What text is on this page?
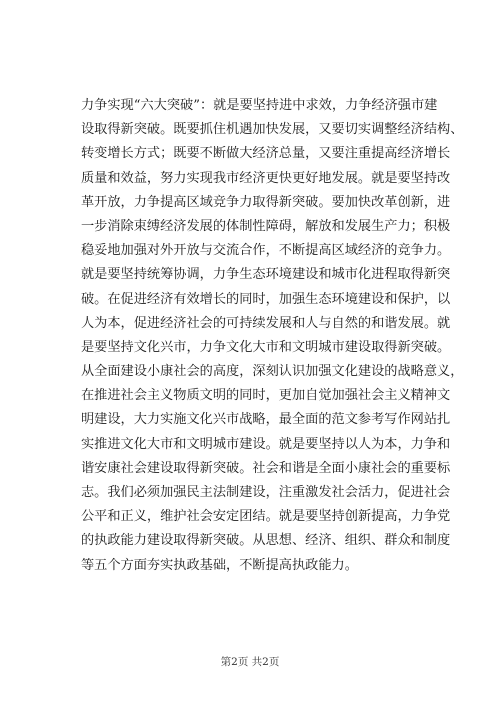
力争实现“六大突破”：就是要坚持进中求效，力争经济强市建
设取得新突破。既要抓住机遇加快发展，又要切实调整经济结构、
转变增长方式；既要不断做大经济总量，又要注重提高经济增长
质量和效益，努力实现我市经济更快更好地发展。就是要坚持改
革开放，力争提高区域竞争力取得新突破。要加快改革创新，进
一步消除束缚经济发展的体制性障碍，解放和发展生产力；积极
稳妥地加强对外开放与交流合作，不断提高区域经济的竞争力。
就是要坚持统筹协调，力争生态环境建设和城市化进程取得新突
破。在促进经济有效增长的同时，加强生态环境建设和保护，以
人为本，促进经济社会的可持续发展和人与自然的和谐发展。就
是要坚持文化兴市，力争文化大市和文明城市建设取得新突破。
从全面建设小康社会的高度，深刻认识加强文化建设的战略意义，
在推进社会主义物质文明的同时，更加自觉加强社会主义精神文
明建设，大力实施文化兴市战略，最全面的范文参考写作网站扎
实推进文化大市和文明城市建设。就是要坚持以人为本，力争和
谐安康社会建设取得新突破。社会和谐是全面小康社会的重要标
志。我们必须加强民主法制建设，注重激发社会活力，促进社会
公平和正义，维护社会安定团结。就是要坚持创新提高，力争党
的执政能力建设取得新突破。从思想、经济、组织、群众和制度
等五个方面夯实执政基础，不断提高执政能力。
第2页 共2页
